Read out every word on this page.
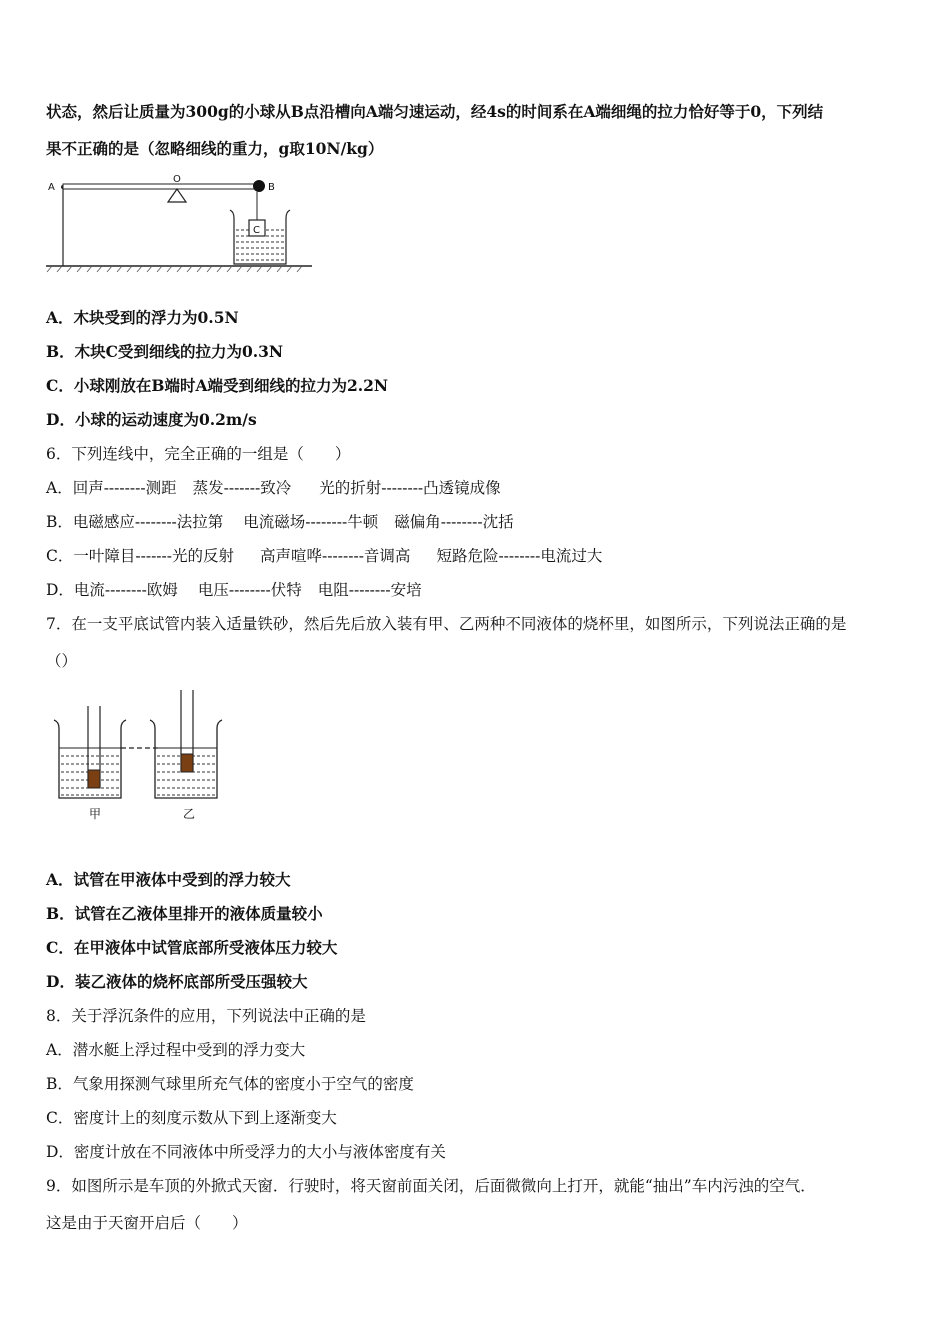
状态，然后让质量为300g的小球从B点沿槽向A端匀速运动，经4s的时间系在A端细绳的拉力恰好等于0，下列结
果不正确的是（忽略细线的重力，g取10N/kg）
C
A
O
B
A．木块受到的浮力为0.5N
B．木块C受到细线的拉力为0.3N
C．小球刚放在B端时A端受到细线的拉力为2.2N
D．小球的运动速度为0.2m/s
6．下列连线中，完全正确的一组是（　　）
A．回声--------测距 蒸发-------致冷 光的折射--------凸透镜成像
B．电磁感应--------法拉第 电流磁场--------牛顿 磁偏角--------沈括
C．一叶障目-------光的反射 高声喧哗--------音调高 短路危险--------电流过大
D．电流--------欧姆 电压--------伏特 电阻--------安培
7．在一支平底试管内装入适量铁砂，然后先后放入装有甲、乙两种不同液体的烧杯里，如图所示，下列说法正确的是
（）
甲	乙
A．试管在甲液体中受到的浮力较大
B．试管在乙液体里排开的液体质量较小
C．在甲液体中试管底部所受液体压力较大
D．装乙液体的烧杯底部所受压强较大
8．关于浮沉条件的应用，下列说法中正确的是
A．潜水艇上浮过程中受到的浮力变大
B．气象用探测气球里所充气体的密度小于空气的密度
C．密度计上的刻度示数从下到上逐渐变大
D．密度计放在不同液体中所受浮力的大小与液体密度有关
9．如图所示是车顶的外掀式天窗．行驶时，将天窗前面关闭，后面微微向上打开，就能“抽出”车内污浊的空气．
这是由于天窗开启后（　　）
